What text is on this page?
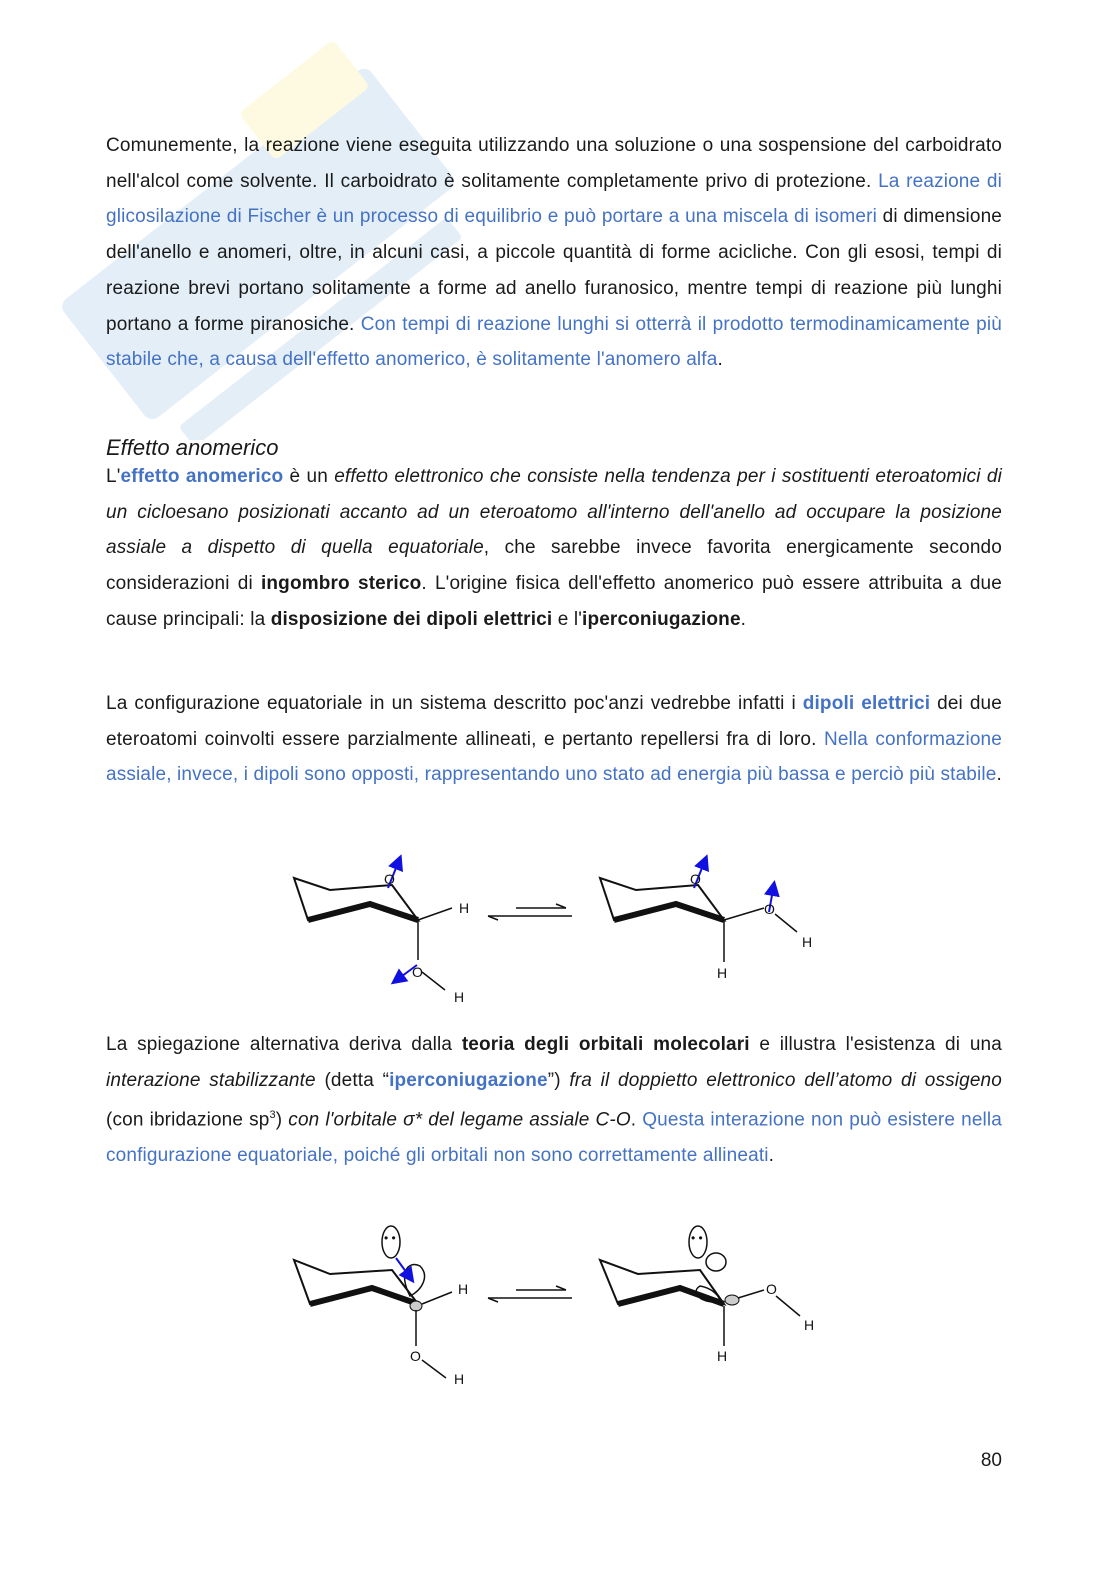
Comunemente, la reazione viene eseguita utilizzando una soluzione o una sospensione del carboidrato nell'alcol come solvente. Il carboidrato è solitamente completamente privo di protezione. La reazione di glicosilazione di Fischer è un processo di equilibrio e può portare a una miscela di isomeri di dimensione dell'anello e anomeri, oltre, in alcuni casi, a piccole quantità di forme acicliche. Con gli esosi, tempi di reazione brevi portano solitamente a forme ad anello furanosico, mentre tempi di reazione più lunghi portano a forme piranosiche. Con tempi di reazione lunghi si otterrà il prodotto termodinamicamente più stabile che, a causa dell'effetto anomerico, è solitamente l'anomero alfa.

Effetto anomerico

L'effetto anomerico è un effetto elettronico che consiste nella tendenza per i sostituenti eteroatomici di un cicloesano posizionati accanto ad un eteroatomo all'interno dell'anello ad occupare la posizione assiale a dispetto di quella equatoriale, che sarebbe invece favorita energicamente secondo considerazioni di ingombro sterico. L'origine fisica dell'effetto anomerico può essere attribuita a due cause principali: la disposizione dei dipoli elettrici e l'iperconiugazione.

La configurazione equatoriale in un sistema descritto poc'anzi vedrebbe infatti i dipoli elettrici dei due eteroatomi coinvolti essere parzialmente allineati, e pertanto repellersi fra di loro. Nella conformazione assiale, invece, i dipoli sono opposti, rappresentando uno stato ad energia più bassa e perciò più stabile.

O
H
O
H
O
O
H
H

La spiegazione alternativa deriva dalla teoria degli orbitali molecolari e illustra l'esistenza di una interazione stabilizzante (detta “iperconiugazione”) fra il doppietto elettronico dell’atomo di ossigeno (con ibridazione $sp^3$) con l'orbitale σ* del legame assiale C-O. Questa interazione non può esistere nella configurazione equatoriale, poiché gli orbitali non sono correttamente allineati.

• •
H
O
H
• •
O
H
H
80
